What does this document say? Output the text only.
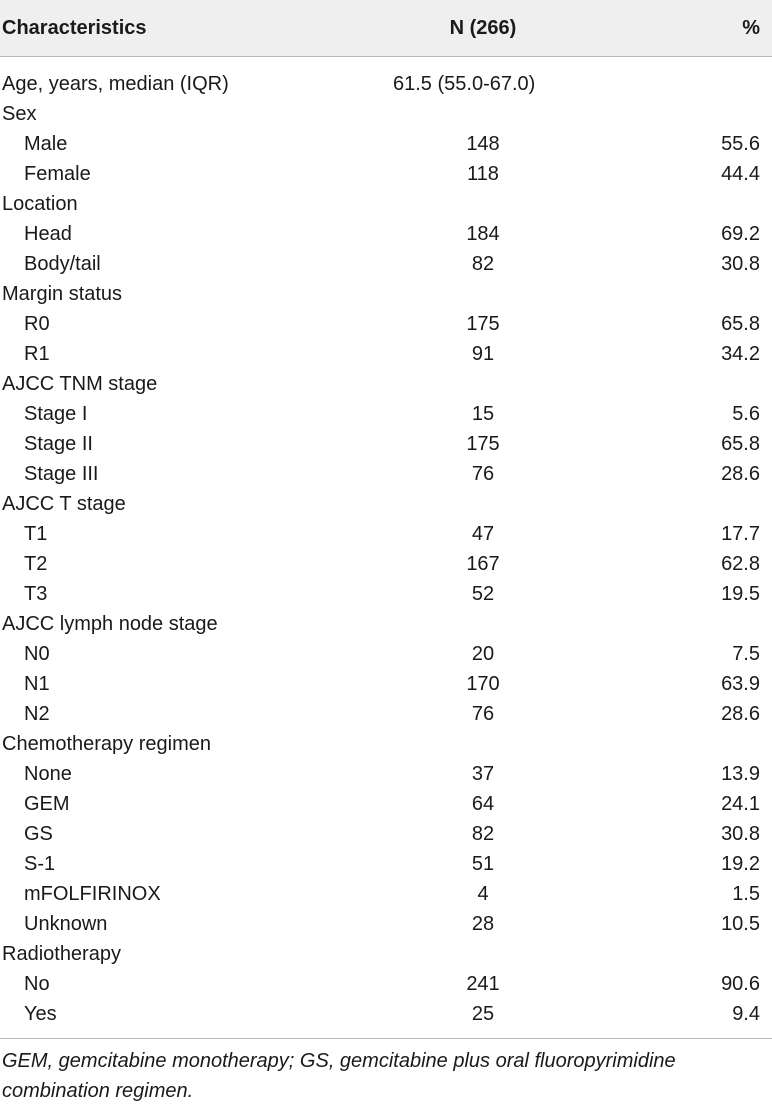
Characteristics	N (266)	%
Age, years, median (IQR)	61.5 (55.0-67.0)
Sex
Male	148	55.6
Female	118	44.4
Location
Head	184	69.2
Body/tail	82	30.8
Margin status
R0	175	65.8
R1	91	34.2
AJCC TNM stage
Stage I	15	5.6
Stage II	175	65.8
Stage III	76	28.6
AJCC T stage
T1	47	17.7
T2	167	62.8
T3	52	19.5
AJCC lymph node stage
N0	20	7.5
N1	170	63.9
N2	76	28.6
Chemotherapy regimen
None	37	13.9
GEM	64	24.1
GS	82	30.8
S-1	51	19.2
mFOLFIRINOX	4	1.5
Unknown	28	10.5
Radiotherapy
No	241	90.6
Yes	25	9.4
GEM, gemcitabine monotherapy; GS, gemcitabine plus oral fluoropyrimidine combination regimen.
